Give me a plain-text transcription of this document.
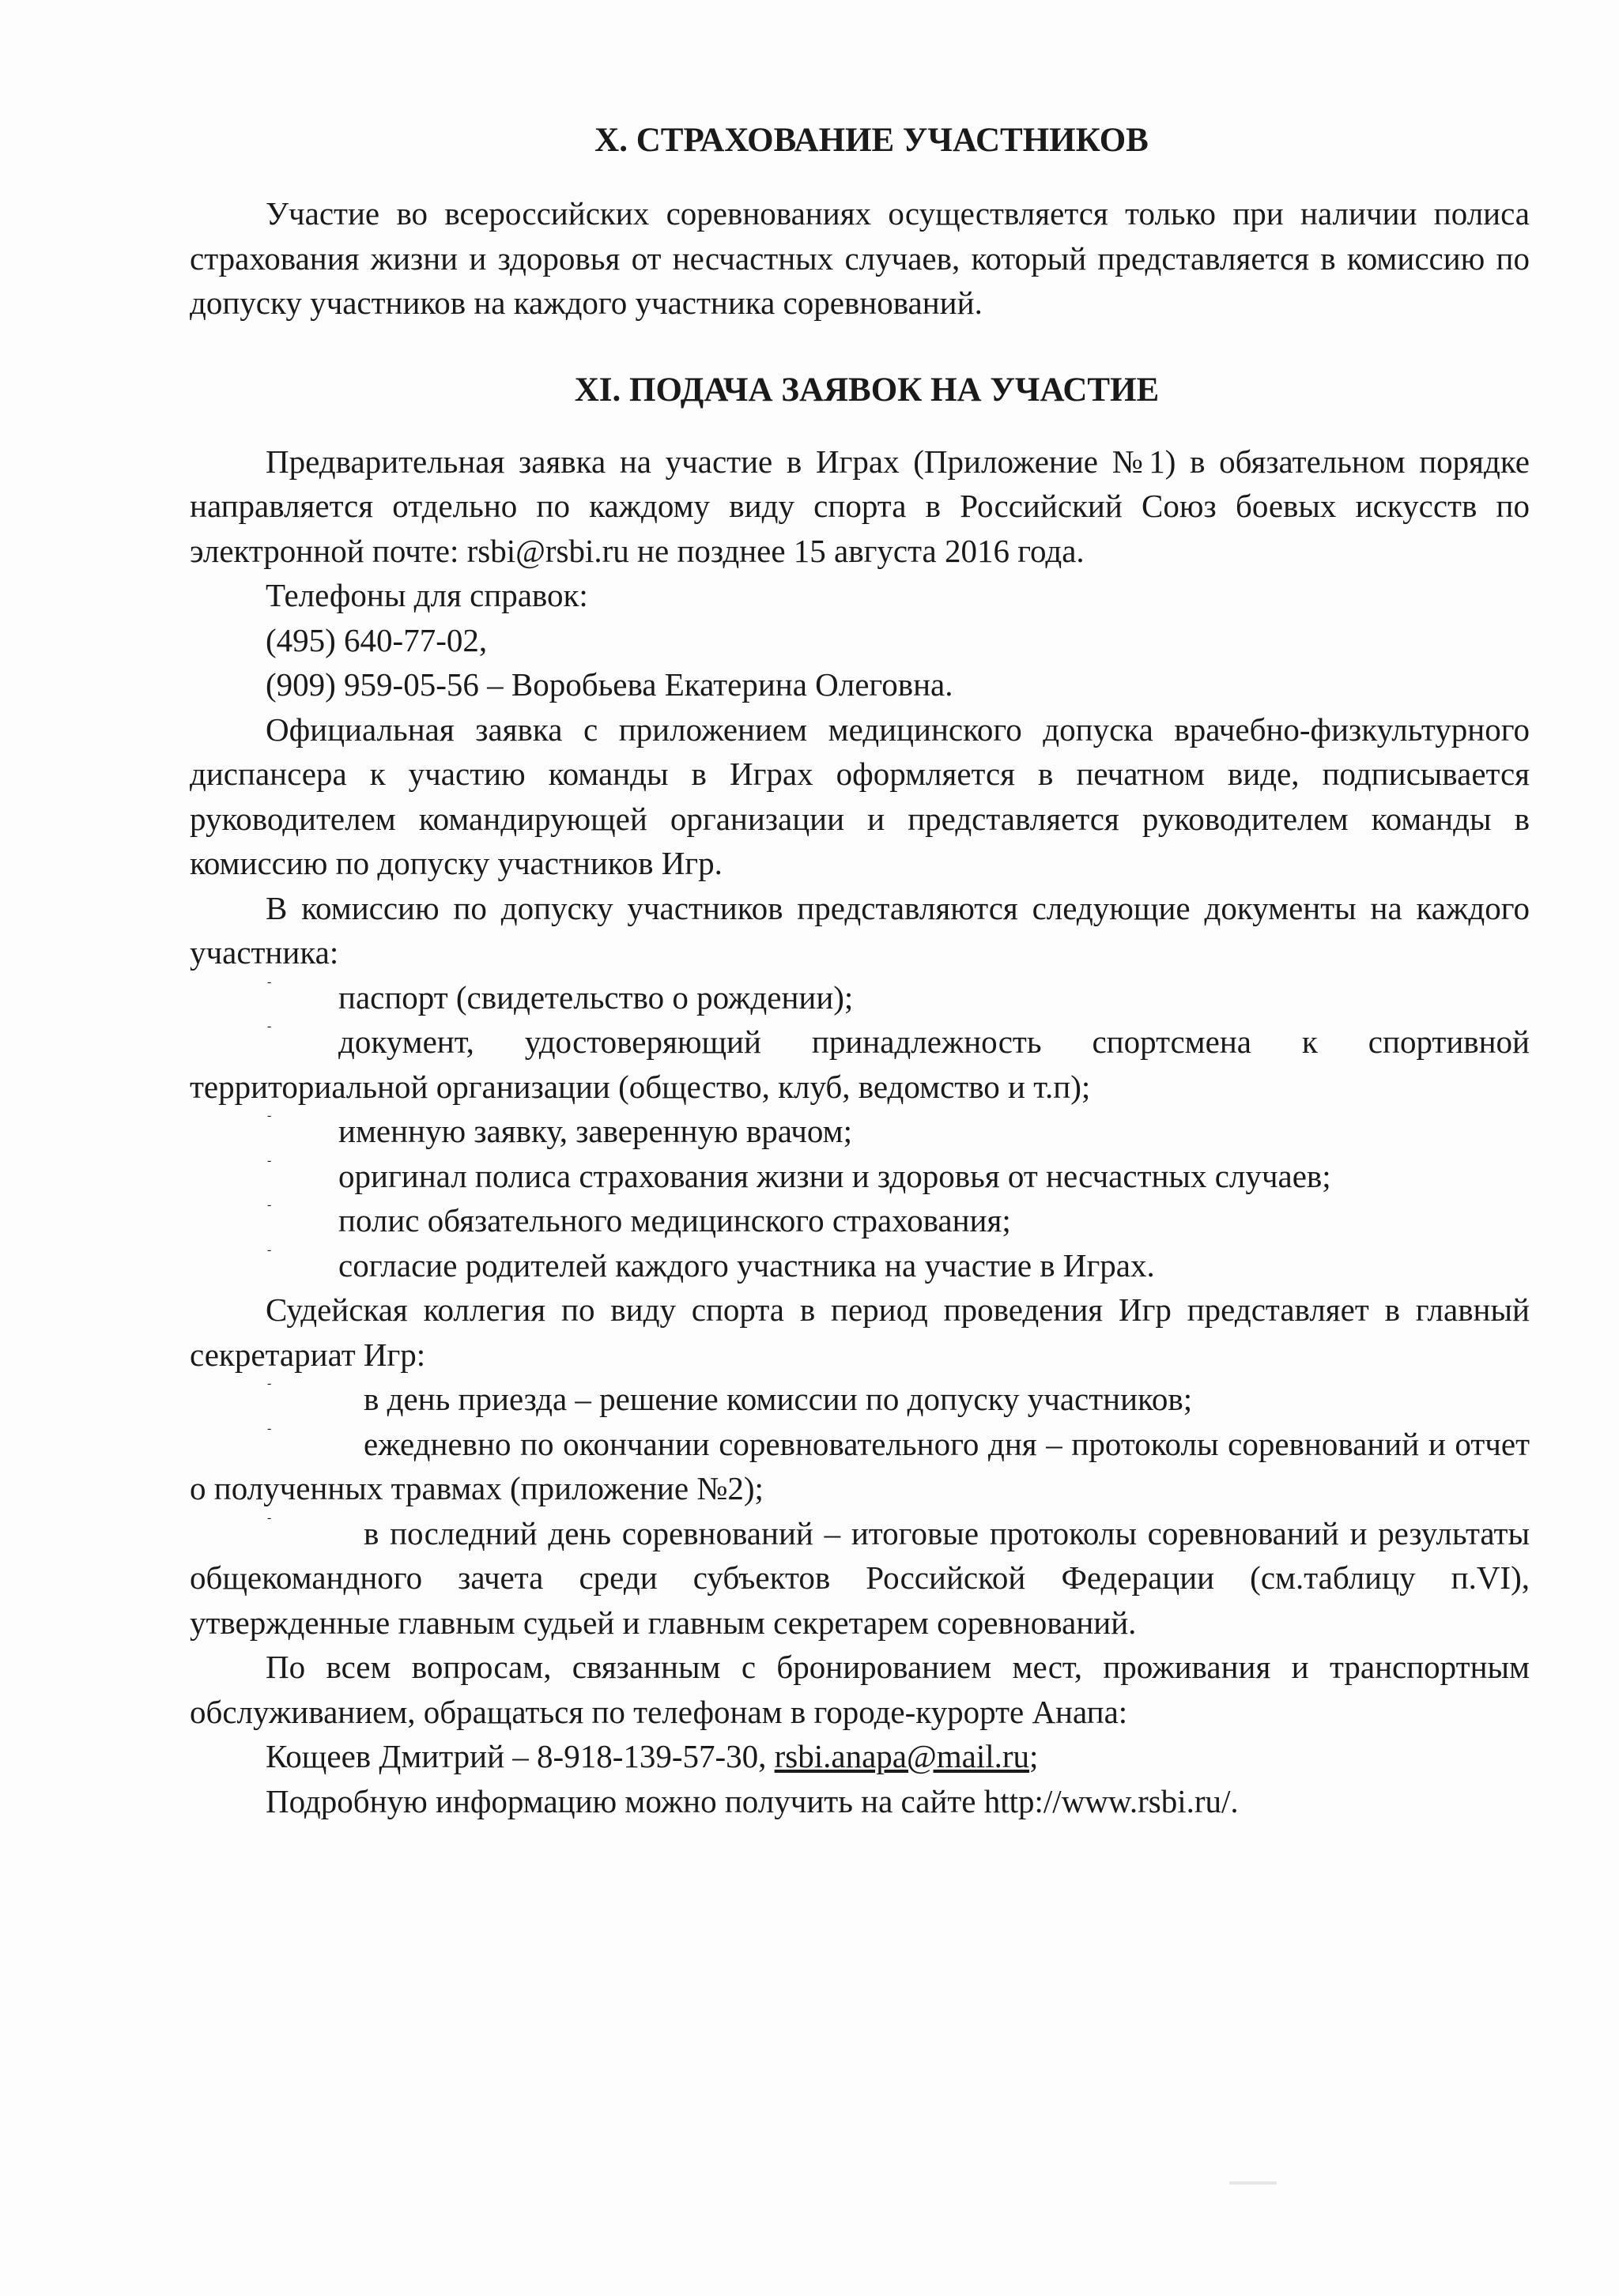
X. СТРАХОВАНИЕ УЧАСТНИКОВ

Участие во всероссийских соревнованиях осуществляется только при наличии полиса страхования жизни и здоровья от несчастных случаев, который представляется в комиссию по допуску участников на каждого участника соревнований.

XI. ПОДАЧА ЗАЯВОК НА УЧАСТИЕ

Предварительная заявка на участие в Играх (Приложение №1) в обязательном порядке направляется отдельно по каждому виду спорта в Российский Союз боевых искусств по электронной почте: rsbi@rsbi.ru не позднее 15 августа 2016 года.

Телефоны для справок:

(495) 640-77-02,

(909) 959-05-56 – Воробьева Екатерина Олеговна.

Официальная заявка с приложением медицинского допуска врачебно-физкультурного диспансера к участию команды в Играх оформляется в печатном виде, подписывается руководителем командирующей организации и представляется руководителем команды в комиссию по допуску участников Игр.

В комиссию по допуску участников представляются следующие документы на каждого участника:

-	паспорт (свидетельство о рождении);

-	документ, удостоверяющий принадлежность спортсмена к спортивной территориальной организации (общество, клуб, ведомство и т.п);

-	именную заявку, заверенную врачом;

-	оригинал полиса страхования жизни и здоровья от несчастных случаев;

-	полис обязательного медицинского страхования;

-	согласие родителей каждого участника на участие в Играх.

Судейская коллегия по виду спорта в период проведения Игр представляет в главный секретариат Игр:

-	в день приезда – решение комиссии по допуску участников;

-	ежедневно по окончании соревновательного дня – протоколы соревнований и отчет о полученных травмах (приложение №2);

-	в последний день соревнований – итоговые протоколы соревнований и результаты общекомандного зачета среди субъектов Российской Федерации (см.таблицу п.VI), утвержденные главным судьей и главным секретарем соревнований.

По всем вопросам, связанным с бронированием мест, проживания и транспортным обслуживанием, обращаться по телефонам в городе-курорте Анапа:

Кощеев Дмитрий – 8-918-139-57-30, rsbi.anapa@mail.ru;

Подробную информацию можно получить на сайте http://www.rsbi.ru/.
